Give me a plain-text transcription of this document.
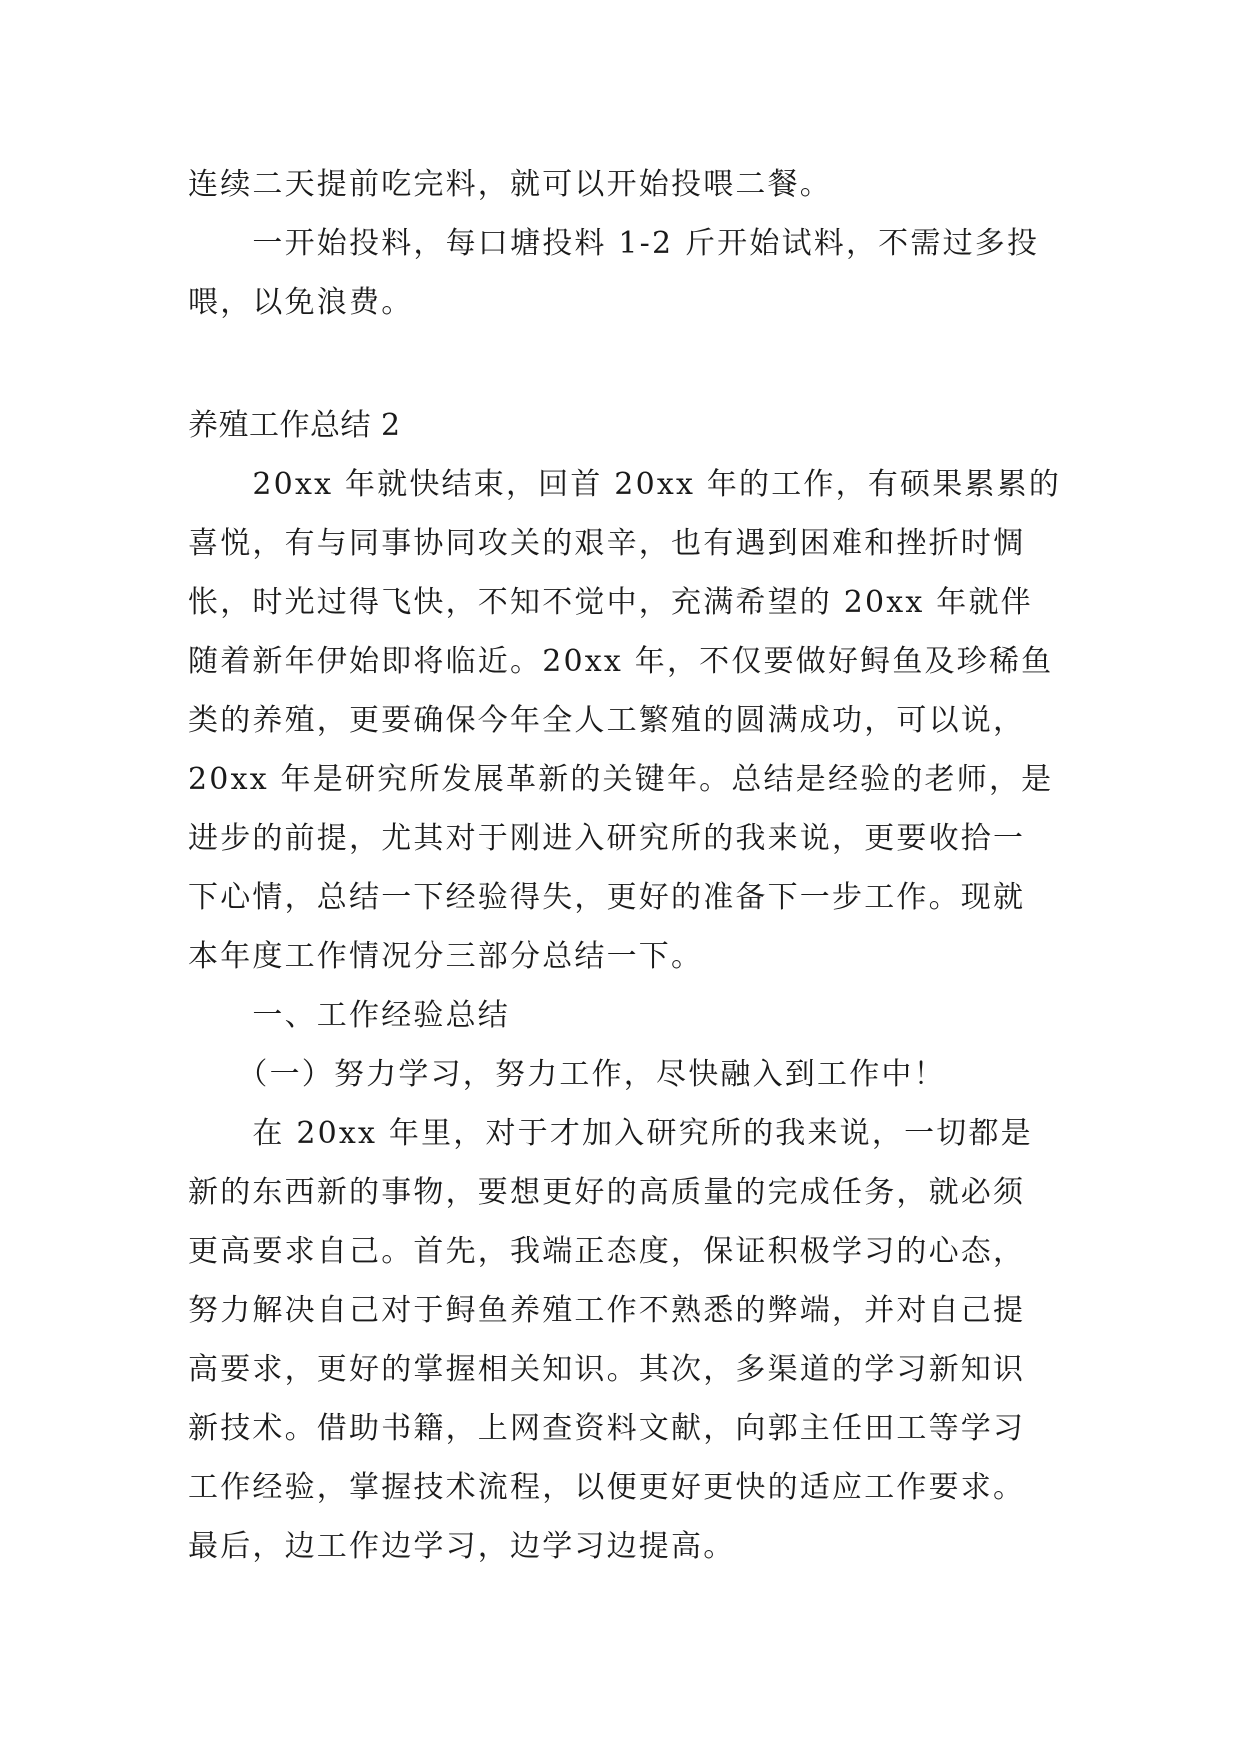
连续二天提前吃完料，就可以开始投喂二餐。

　　一开始投料，每口塘投料 1-2 斤开始试料，不需过多投

喂，以免浪费。

养殖工作总结 2

　　20xx 年就快结束，回首 20xx 年的工作，有硕果累累的

喜悦，有与同事协同攻关的艰辛，也有遇到困难和挫折时惆

怅，时光过得飞快，不知不觉中，充满希望的 20xx 年就伴

随着新年伊始即将临近。20xx 年，不仅要做好鲟鱼及珍稀鱼

类的养殖，更要确保今年全人工繁殖的圆满成功，可以说，

20xx 年是研究所发展革新的关键年。总结是经验的老师，是

进步的前提，尤其对于刚进入研究所的我来说，更要收拾一

下心情，总结一下经验得失，更好的准备下一步工作。现就

本年度工作情况分三部分总结一下。

　　一、工作经验总结

　　（一）努力学习，努力工作，尽快融入到工作中！

　　在 20xx 年里，对于才加入研究所的我来说，一切都是

新的东西新的事物，要想更好的高质量的完成任务，就必须

更高要求自己。首先，我端正态度，保证积极学习的心态，

努力解决自己对于鲟鱼养殖工作不熟悉的弊端，并对自己提

高要求，更好的掌握相关知识。其次，多渠道的学习新知识

新技术。借助书籍，上网查资料文献，向郭主任田工等学习

工作经验，掌握技术流程，以便更好更快的适应工作要求。

最后，边工作边学习，边学习边提高。
